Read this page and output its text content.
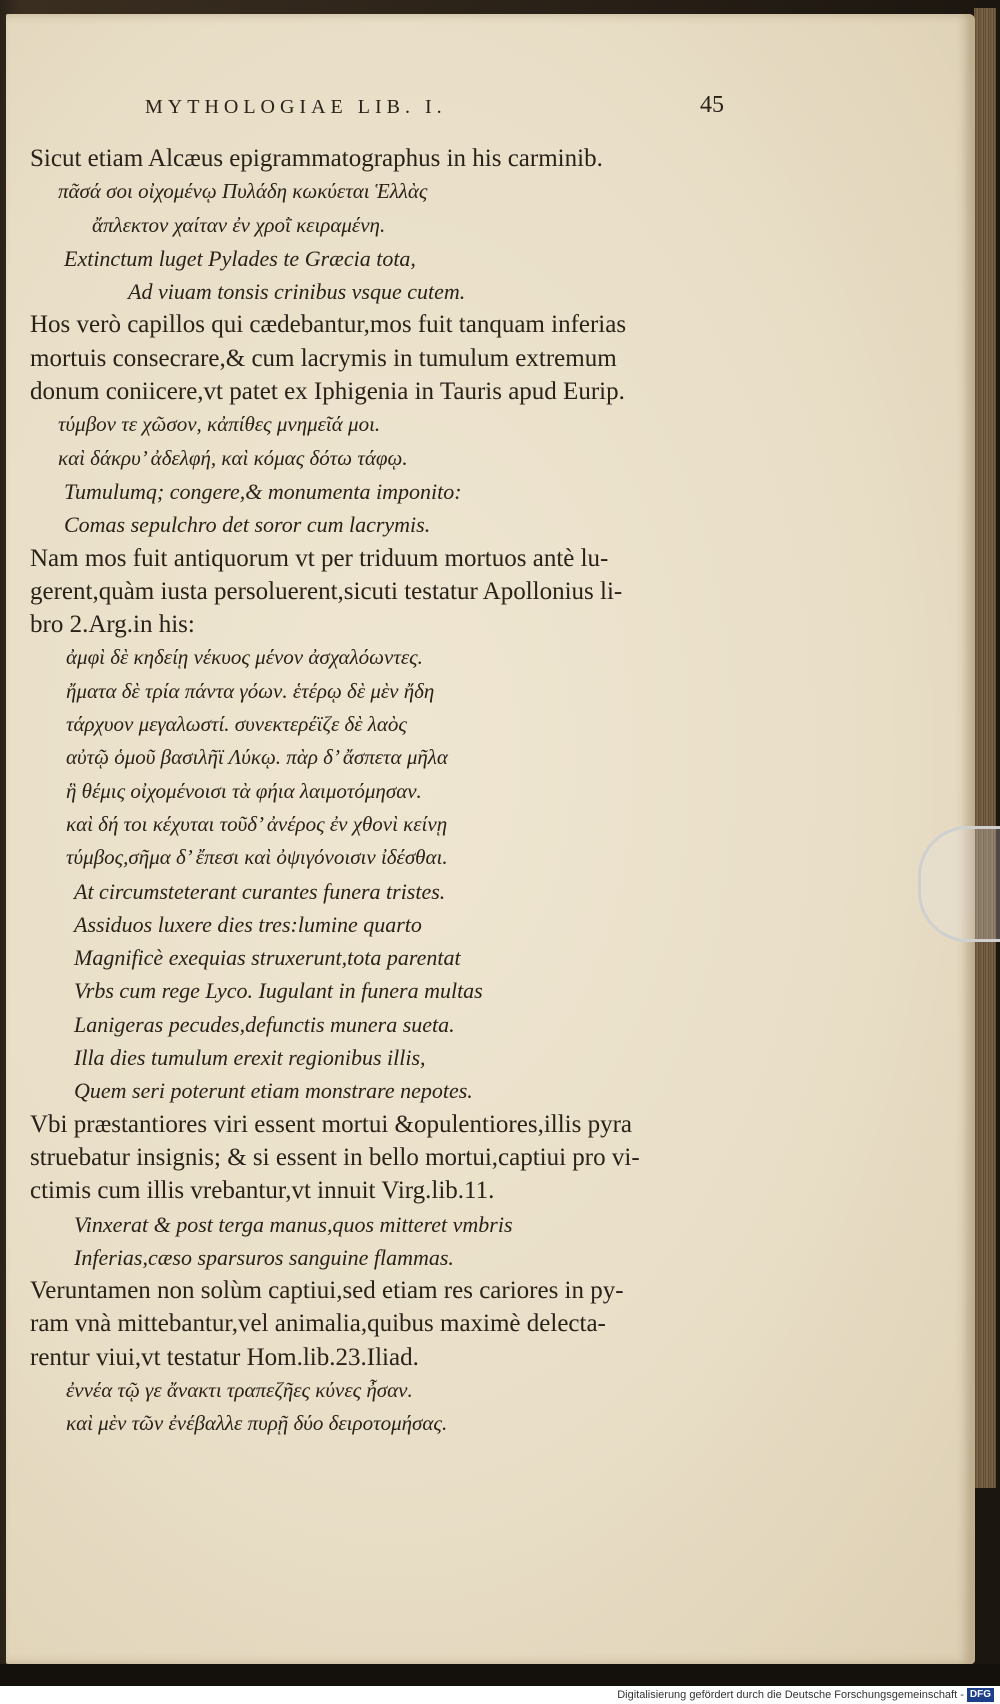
MYTHOLOGIAE LIB. I.	45
Sicut etiam Alcæus epigrammatographus in his carminib.
πᾶσά σοι οἰχομένῳ Πυλάδη κωκύεται Ἑλλὰς
ἄπλεκτον χαίταν ἐν χροῒ κειραμένη.
Extinctum luget Pylades te Græcia tota,
Ad viuam tonsis crinibus vsque cutem.
Hos verò capillos qui cædebantur,mos fuit tanquam inferias
mortuis consecrare,& cum lacrymis in tumulum extremum
donum coniicere,vt patet ex Iphigenia in Tauris apud Eurip.
τύμβον τε χῶσον, κἀπίθες μνημεῖά μοι.
καὶ δάκρυ’ ἀδελφή, καὶ κόμας δότω τάφῳ.
Tumulumq; congere,& monumenta imponito:
Comas sepulchro det soror cum lacrymis.
Nam mos fuit antiquorum vt per triduum mortuos antè lu-
gerent,quàm iusta persoluerent,sicuti testatur Apollonius li-
bro 2.Arg.in his:
ἀμφὶ δὲ κηδείῃ νέκυος μένον ἀσχαλόωντες.
ἤματα δὲ τρία πάντα γόων. ἑτέρῳ δὲ μὲν ἤδη
τάρχυον μεγαλωστί. συνεκτερέϊζε δὲ λαὸς
αὐτῷ ὁμοῦ βασιλῆϊ Λύκῳ. πὰρ δ’ ἄσπετα μῆλα
ἣ θέμις οἰχομένοισι τὰ φήια λαιμοτόμησαν.
καὶ δή τοι κέχυται τοῦδ’ ἀνέρος ἐν χθονὶ κείνῃ
τύμβος,σῆμα δ’ ἔπεσι καὶ ὀψιγόνοισιν ἰδέσθαι.
At circumsteterant curantes funera tristes.
Assiduos luxere dies tres:lumine quarto
Magnificè exequias struxerunt,tota parentat
Vrbs cum rege Lyco. Iugulant in funera multas
Lanigeras pecudes,defunctis munera sueta.
Illa dies tumulum erexit regionibus illis,
Quem seri poterunt etiam monstrare nepotes.
Vbi præstantiores viri essent mortui &opulentiores,illis pyra
struebatur insignis; & si essent in bello mortui,captiui pro vi-
ctimis cum illis vrebantur,vt innuit Virg.lib.11.
Vinxerat & post terga manus,quos mitteret vmbris
Inferias,cæso sparsuros sanguine flammas.
Veruntamen non solùm captiui,sed etiam res cariores in py-
ram vnà mittebantur,vel animalia,quibus maximè delecta-
rentur viui,vt testatur Hom.lib.23.Iliad.
ἐννέα τῷ γε ἄνακτι τραπεζῆες κύνες ἦσαν.
καὶ μὲν τῶν ἐνέβαλλε πυρῇ δύο δειροτομήσας.
Digitalisierung gefördert durch die Deutsche Forschungsgemeinschaft - DFG
